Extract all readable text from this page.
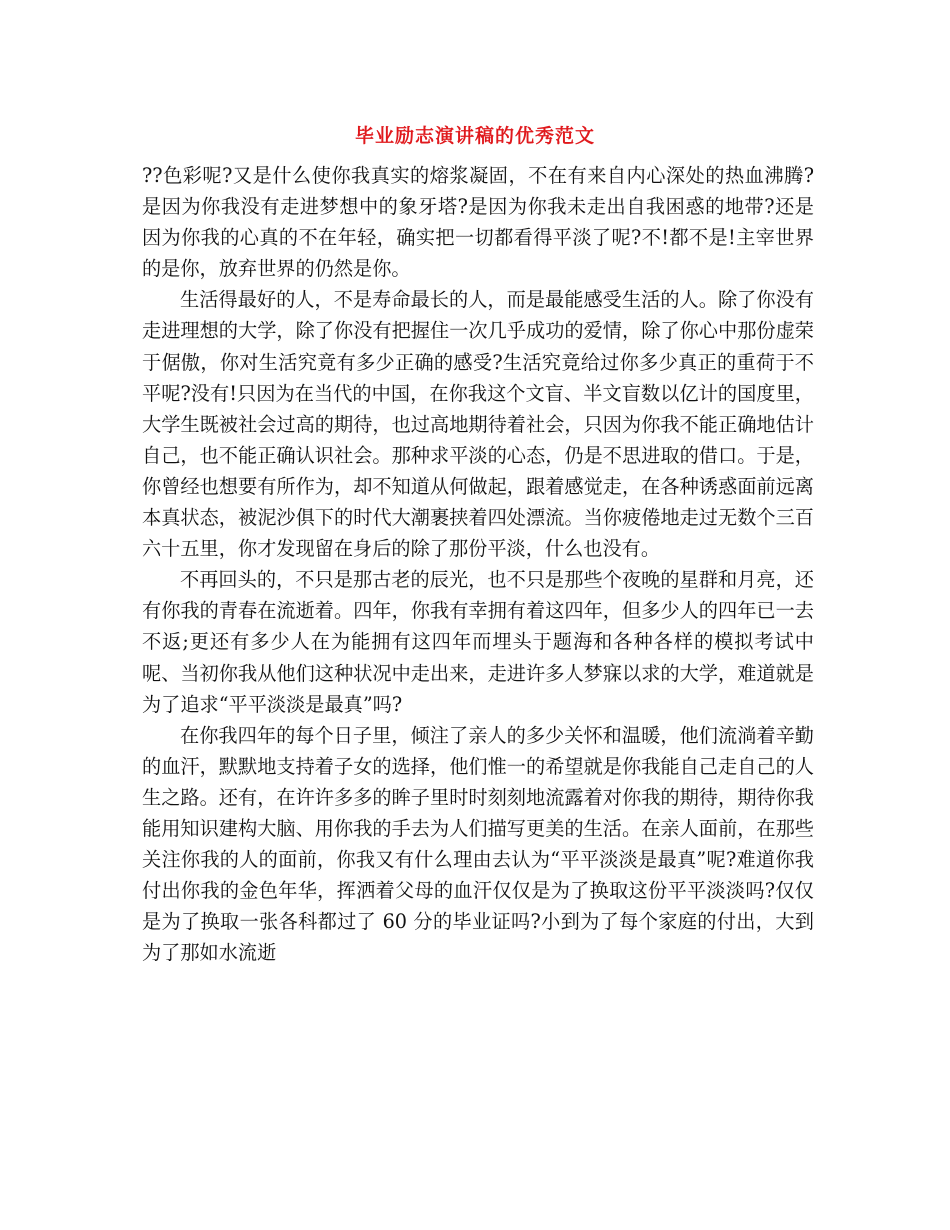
毕业励志演讲稿的优秀范文

??色彩呢?又是什么使你我真实的熔浆凝固，不在有来自内心深处的热血沸腾?是因为你我没有走进梦想中的象牙塔?是因为你我未走出自我困惑的地带?还是因为你我的心真的不在年轻，确实把一切都看得平淡了呢?不!都不是!主宰世界的是你，放弃世界的仍然是你。

生活得最好的人，不是寿命最长的人，而是最能感受生活的人。除了你没有走进理想的大学，除了你没有把握住一次几乎成功的爱情，除了你心中那份虚荣于倨傲，你对生活究竟有多少正确的感受?生活究竟给过你多少真正的重荷于不平呢?没有!只因为在当代的中国，在你我这个文盲、半文盲数以亿计的国度里，大学生既被社会过高的期待，也过高地期待着社会，只因为你我不能正确地估计自己，也不能正确认识社会。那种求平淡的心态，仍是不思进取的借口。于是，你曾经也想要有所作为，却不知道从何做起，跟着感觉走，在各种诱惑面前远离本真状态，被泥沙俱下的时代大潮裹挟着四处漂流。当你疲倦地走过无数个三百六十五里，你才发现留在身后的除了那份平淡，什么也没有。

不再回头的，不只是那古老的辰光，也不只是那些个夜晚的星群和月亮，还有你我的青春在流逝着。四年，你我有幸拥有着这四年，但多少人的四年已一去不返;更还有多少人在为能拥有这四年而埋头于题海和各种各样的模拟考试中呢、当初你我从他们这种状况中走出来，走进许多人梦寐以求的大学，难道就是为了追求“平平淡淡是最真”吗?

在你我四年的每个日子里，倾注了亲人的多少关怀和温暖，他们流淌着辛勤的血汗，默默地支持着子女的选择，他们惟一的希望就是你我能自己走自己的人生之路。还有，在许许多多的眸子里时时刻刻地流露着对你我的期待，期待你我能用知识建构大脑、用你我的手去为人们描写更美的生活。在亲人面前，在那些关注你我的人的面前，你我又有什么理由去认为“平平淡淡是最真”呢?难道你我付出你我的金色年华，挥洒着父母的血汗仅仅是为了换取这份平平淡淡吗?仅仅是为了换取一张各科都过了 60 分的毕业证吗?小到为了每个家庭的付出，大到为了那如水流逝
